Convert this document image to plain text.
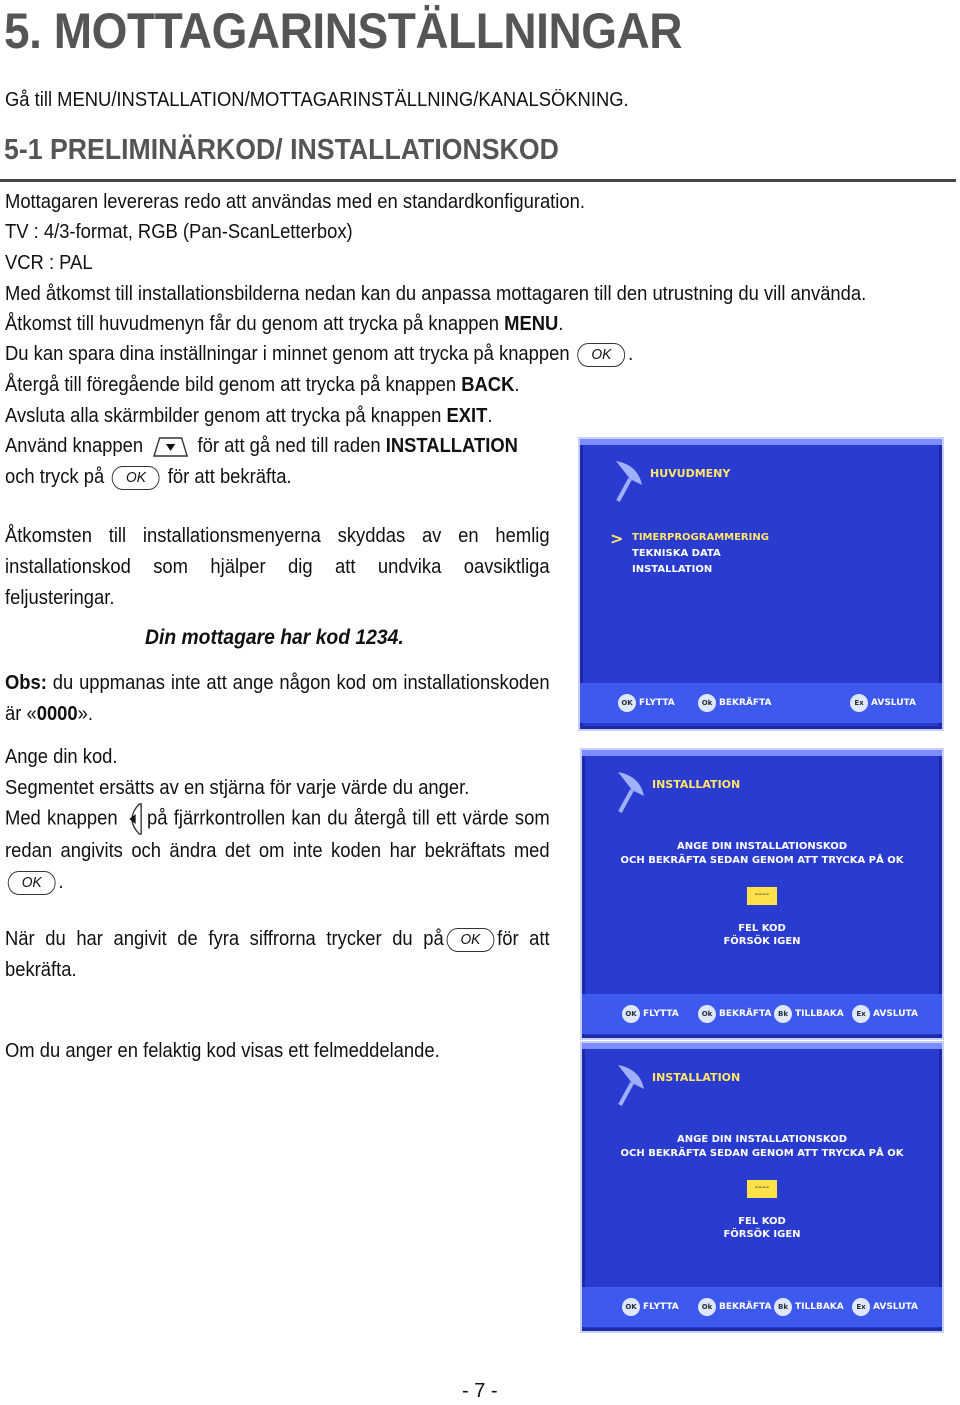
5. MOTTAGARINSTÄLLNINGAR
Gå till MENU/INSTALLATION/MOTTAGARINSTÄLLNING/KANALSÖKNING.
5-1 PRELIMINÄRKOD/ INSTALLATIONSKOD
Mottagaren levereras redo att användas med en standardkonfiguration.
TV : 4/3-format, RGB (Pan-ScanLetterbox)
VCR : PAL
Med åtkomst till installationsbilderna nedan kan du anpassa mottagaren till den utrustning du vill använda.
Åtkomst till huvudmenyn får du genom att trycka på knappen MENU.
Du kan spara dina inställningar i minnet genom att trycka på knappen OK .
Återgå till föregående bild genom att trycka på knappen BACK.
Avsluta alla skärmbilder genom att trycka på knappen EXIT.
Använd knappen	för att gå ned till raden INSTALLATION
och tryck på OK för att bekräfta.
Åtkomsten till installationsmenyerna skyddas av en hemlig installationskod som hjälper dig att undvika oavsiktliga feljusteringar.
Din mottagare har kod 1234.
Obs: du uppmanas inte att ange någon kod om installationskoden är «0000».
Ange din kod.
Segmentet ersätts av en stjärna för varje värde du anger.
Med knappen på fjärrkontrollen kan du återgå till ett värde som redan angivits och ändra det om inte koden har bekräftats medOK .
När du har angivit de fyra siffrorna trycker du på OK för att bekräfta.
Om du anger en felaktig kod visas ett felmeddelande.
- 7 -
HUVUDMENY
> TIMERPROGRAMMERING
TEKNISKA DATA
INSTALLATION
OK FLYTTA	Ok BEKRÄFTA	Ex AVSLUTA
INSTALLATION
ANGE DIN INSTALLATIONSKOD
OCH BEKRÄFTA SEDAN GENOM ATT TRYCKA PÅ OK
----
FEL KOD
FÖRSÖK IGEN
OK FLYTTA	Ok BEKRÄFTA Bk TILLBAKA	Ex AVSLUTA
INSTALLATION
ANGE DIN INSTALLATIONSKOD
OCH BEKRÄFTA SEDAN GENOM ATT TRYCKA PÅ OK
----
FEL KOD
FÖRSÖK IGEN
OK FLYTTA	Ok BEKRÄFTA Bk TILLBAKA	Ex AVSLUTA
